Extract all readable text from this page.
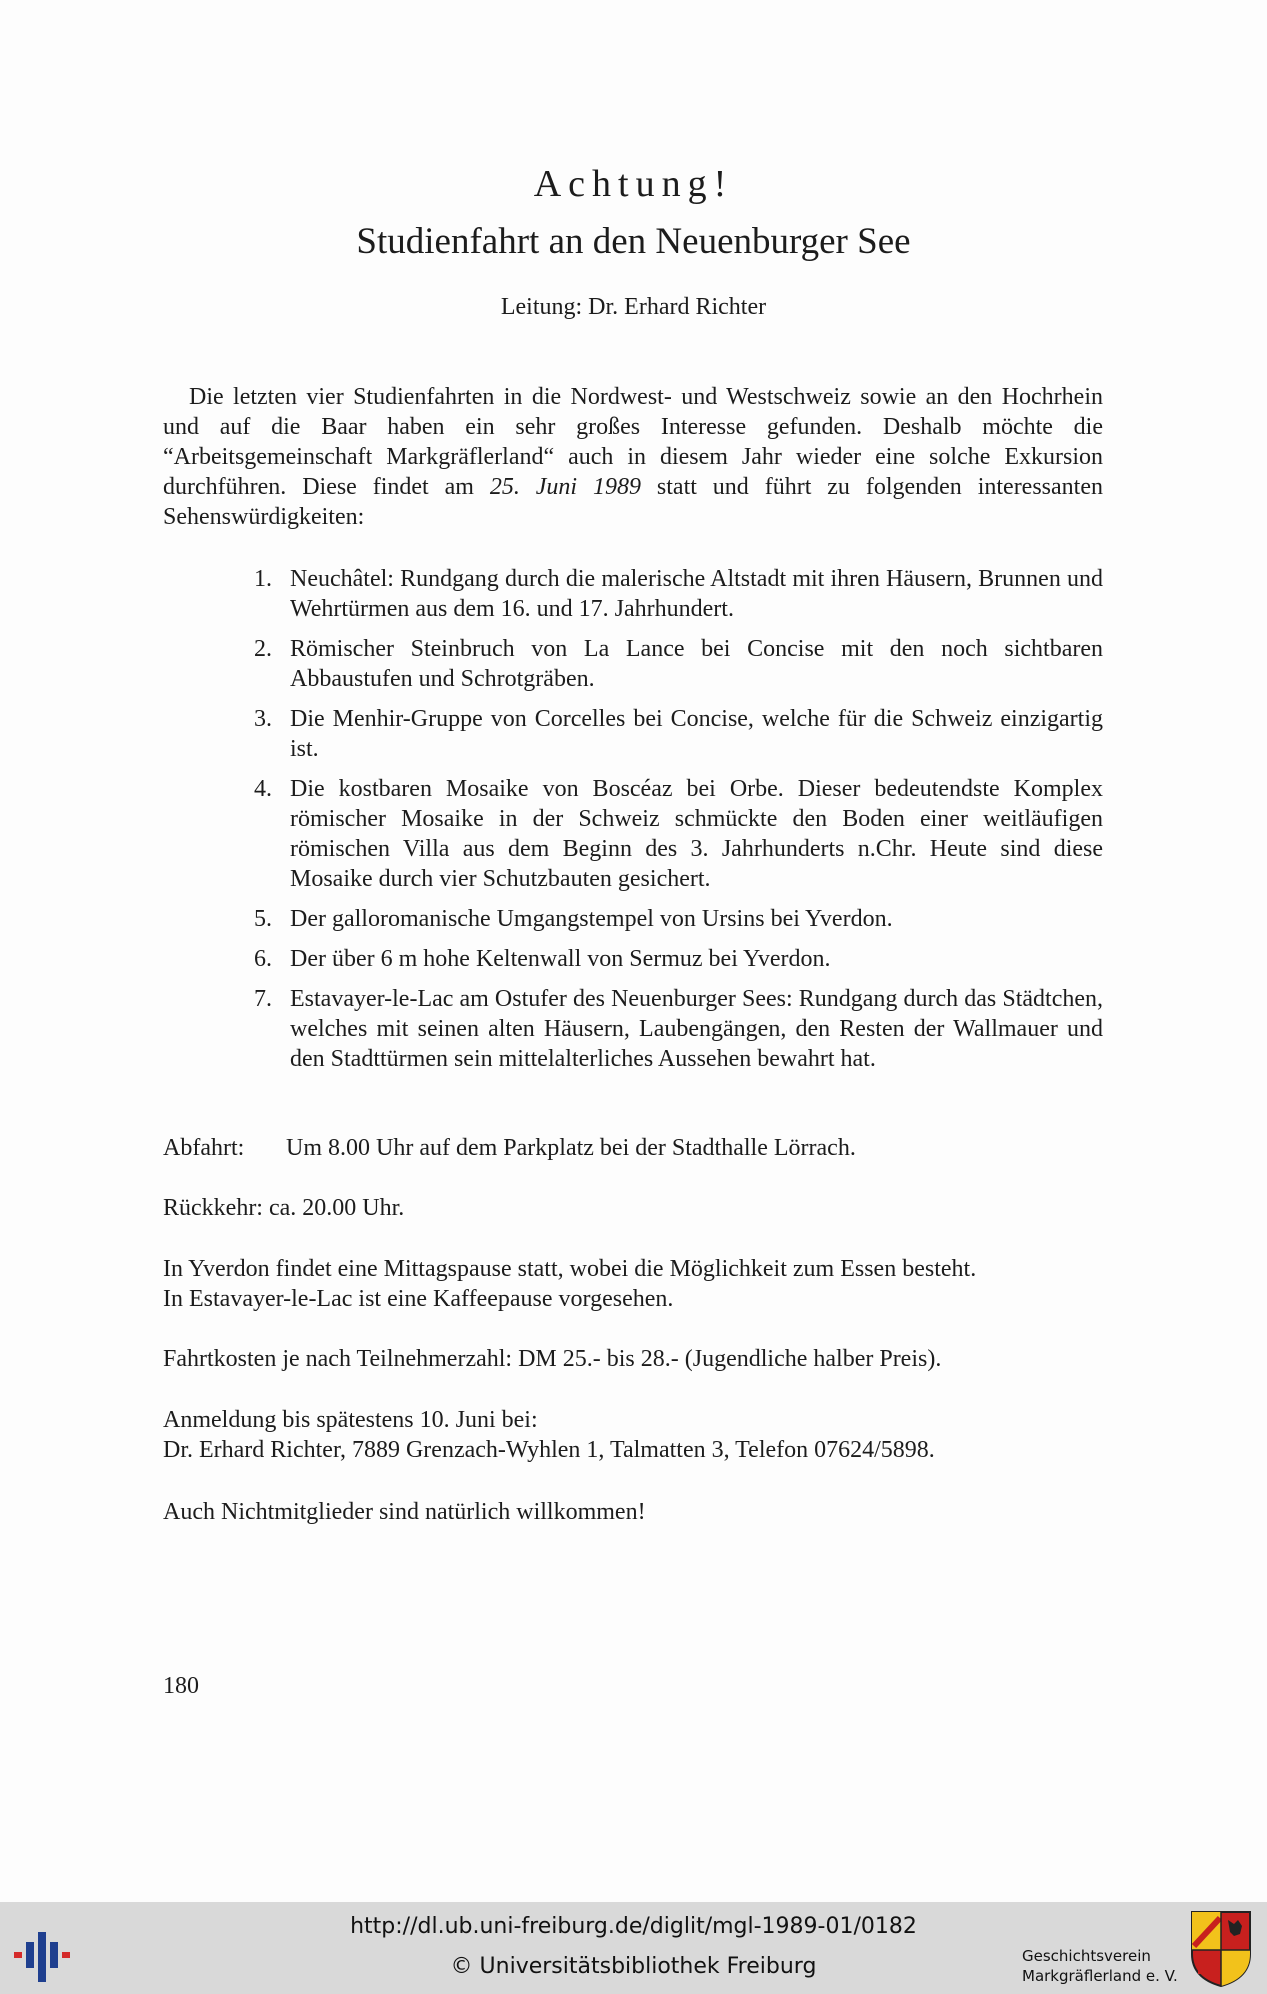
Achtung!
Studienfahrt an den Neuenburger See
Leitung: Dr. Erhard Richter

Die letzten vier Studienfahrten in die Nordwest- und Westschweiz sowie an den Hochrhein und auf die Baar haben ein sehr großes Interesse gefunden. Deshalb möchte die “Arbeitsgemeinschaft Markgräflerland“ auch in diesem Jahr wieder eine solche Exkursion durchführen. Diese findet am 25. Juni 1989 statt und führt zu folgenden interessanten Sehenswürdigkeiten:

1. Neuchâtel: Rundgang durch die malerische Altstadt mit ihren Häusern, Brunnen und Wehrtürmen aus dem 16. und 17. Jahrhundert.
2. Römischer Steinbruch von La Lance bei Concise mit den noch sichtbaren Abbaustufen und Schrotgräben.
3. Die Menhir-Gruppe von Corcelles bei Concise, welche für die Schweiz einzigartig ist.
4. Die kostbaren Mosaike von Boscéaz bei Orbe. Dieser bedeutendste Komplex römischer Mosaike in der Schweiz schmückte den Boden einer weitläufigen römischen Villa aus dem Beginn des 3. Jahrhunderts n.Chr. Heute sind diese Mosaike durch vier Schutzbauten gesichert.
5. Der galloromanische Umgangstempel von Ursins bei Yverdon.
6. Der über 6 m hohe Keltenwall von Sermuz bei Yverdon.
7. Estavayer-le-Lac am Ostufer des Neuenburger Sees: Rundgang durch das Städtchen, welches mit seinen alten Häusern, Laubengängen, den Resten der Wallmauer und den Stadttürmen sein mittelalterliches Aussehen bewahrt hat.
Abfahrt: Um 8.00 Uhr auf dem Parkplatz bei der Stadthalle Lörrach.
Rückkehr: ca. 20.00 Uhr.
In Yverdon findet eine Mittagspause statt, wobei die Möglichkeit zum Essen besteht.
In Estavayer-le-Lac ist eine Kaffeepause vorgesehen.
Fahrtkosten je nach Teilnehmerzahl: DM 25.- bis 28.- (Jugendliche halber Preis).
Anmeldung bis spätestens 10. Juni bei:
Dr. Erhard Richter, 7889 Grenzach-Wyhlen 1, Talmatten 3, Telefon 07624/5898.
Auch Nichtmitglieder sind natürlich willkommen!
180
http://dl.ub.uni-freiburg.de/diglit/mgl-1989-01/0182
© Universitätsbibliothek Freiburg	Geschichtsverein
Markgräflerland e. V.
